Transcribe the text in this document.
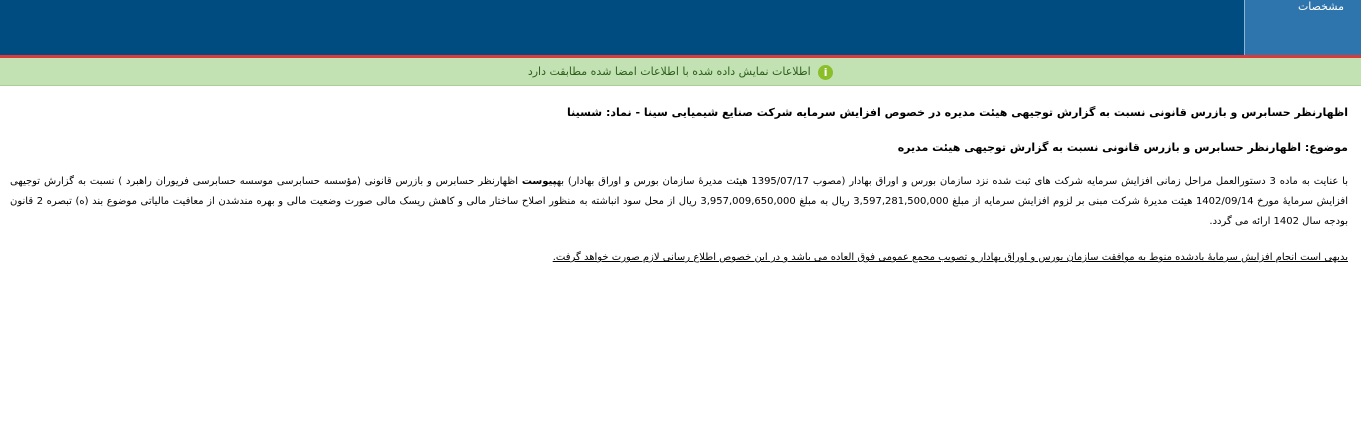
مشخصات
i اطلاعات نمایش داده شده با اطلاعات امضا شده مطابقت دارد
اظهارنظر حسابرس و بازرس قانونی نسبت به گزارش توجیهی هیئت مدیره در خصوص افزایش سرمایه شرکت صنایع شیمیایی سینا - نماد: شسینا
موضوع: اظهارنظر حسابرس و بازرس قانونی نسبت به گزارش توجیهی هیئت مدیره
با عنایت به ماده 3 دستورالعمل مراحل زمانی افزایش سرمایه شرکت های ثبت شده نزد سازمان بورس و اوراق بهادار (مصوب 1395/07/17 هیئت مدیرهٔ سازمان بورس و اوراق بهادار) بهپیوست اظهارنظر حسابرس و بازرس قانونی (مؤسسه حسابرسی موسسه حسابرسی فریوران راهبرد ) نسبت به گزارش توجیهی افزایش سرمایهٔ مورخ 1402/09/14 هیئت مدیرهٔ شرکت مبنی بر لزوم افزایش سرمایه از مبلغ 3,597,281,500,000 ریال به مبلغ 3,957,009,650,000 ریال از محل سود انباشته به منظور اصلاح ساختار مالی و کاهش ریسک مالی صورت وضعیت مالی و بهره مندشدن از معافیت مالیاتی موضوع بند (ه) تبصره 2 قانون بودجه سال 1402 ارائه می گردد.
بدیهی است انجام افزایش سرمایهٔ یادشده منوط به موافقت سازمان بورس و اوراق بهادار و تصویب مجمع عمومی فوق العاده می باشد و در این خصوص اطلاع رسانی لازم صورت خواهد گرفت.
